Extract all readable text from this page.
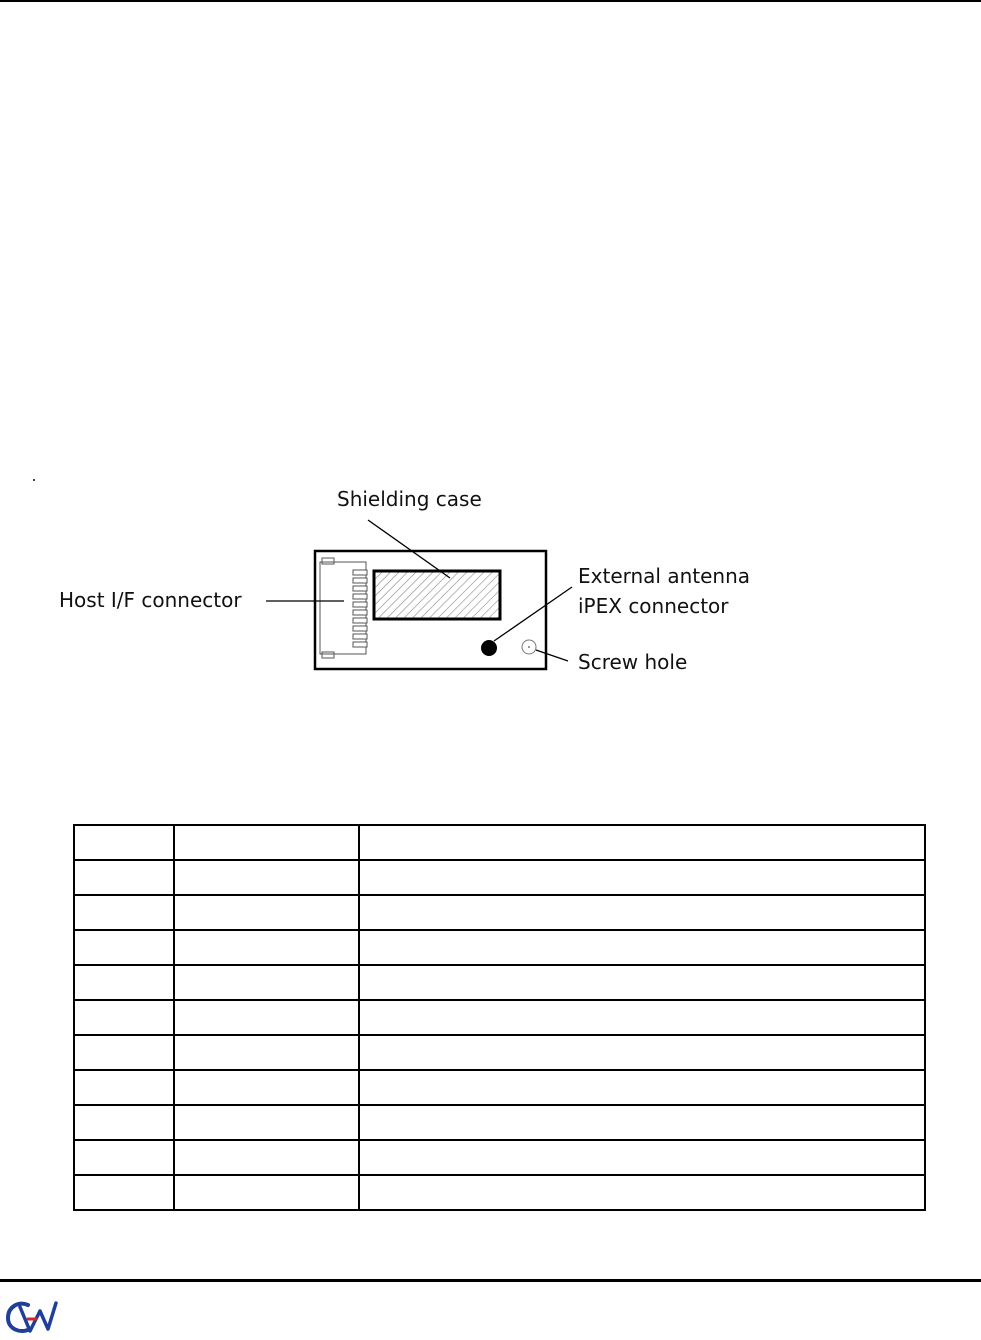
Shielding case
Host I/F connector
External antenna
iPEX connector
Screw hole
